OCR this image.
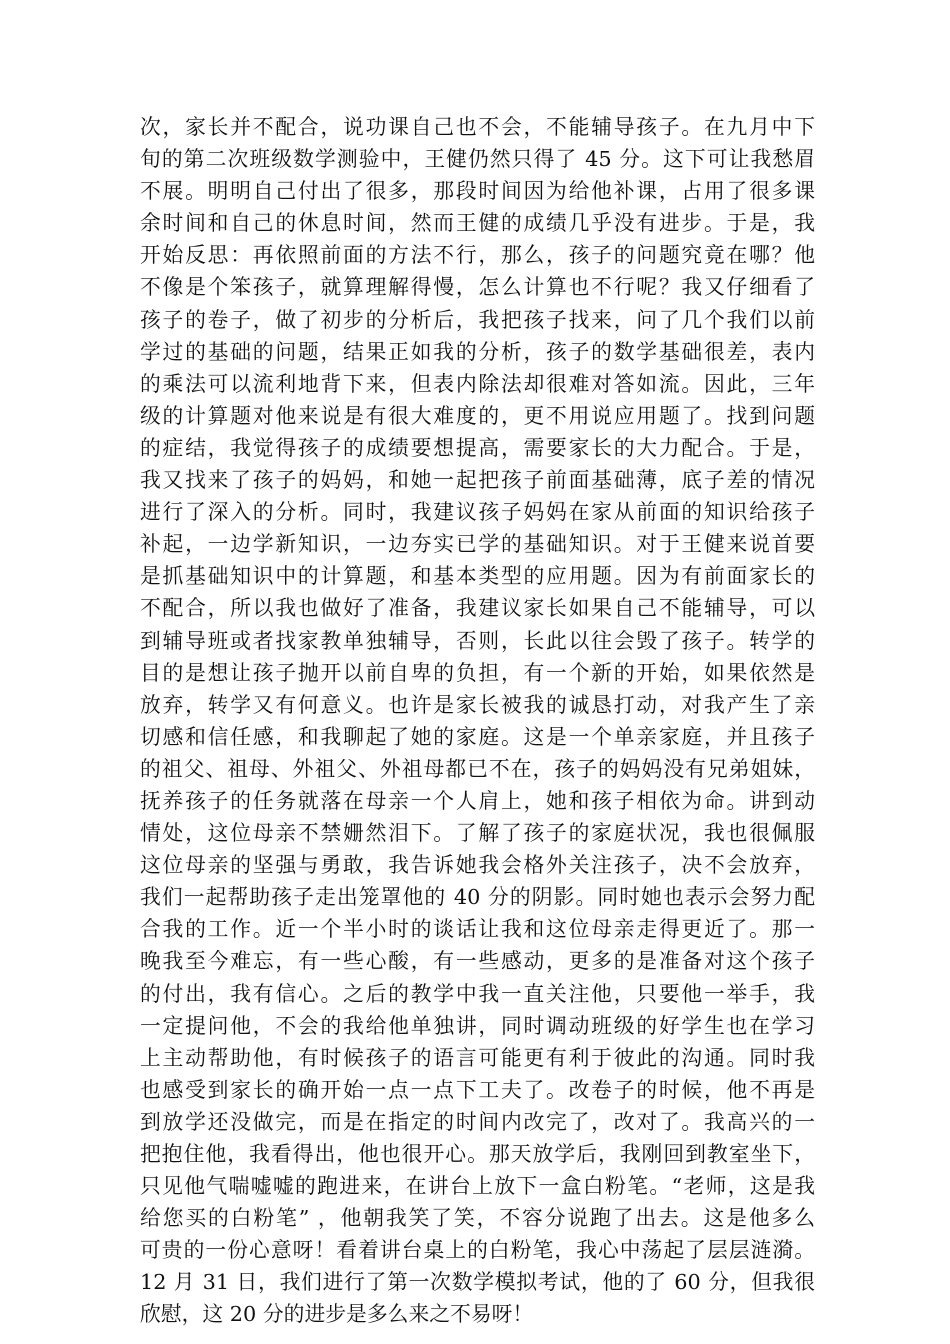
次，家长并不配合，说功课自己也不会，不能辅导孩子。在九月中下
旬的第二次班级数学测验中，王健仍然只得了 45 分。这下可让我愁眉
不展。明明自己付出了很多，那段时间因为给他补课，占用了很多课
余时间和自己的休息时间，然而王健的成绩几乎没有进步。于是，我
开始反思：再依照前面的方法不行，那么，孩子的问题究竟在哪？他
不像是个笨孩子，就算理解得慢，怎么计算也不行呢？我又仔细看了
孩子的卷子，做了初步的分析后，我把孩子找来，问了几个我们以前
学过的基础的问题，结果正如我的分析，孩子的数学基础很差，表内
的乘法可以流利地背下来，但表内除法却很难对答如流。因此，三年
级的计算题对他来说是有很大难度的，更不用说应用题了。找到问题
的症结，我觉得孩子的成绩要想提高，需要家长的大力配合。于是，
我又找来了孩子的妈妈，和她一起把孩子前面基础薄，底子差的情况
进行了深入的分析。同时，我建议孩子妈妈在家从前面的知识给孩子
补起，一边学新知识，一边夯实已学的基础知识。对于王健来说首要
是抓基础知识中的计算题，和基本类型的应用题。因为有前面家长的
不配合，所以我也做好了准备，我建议家长如果自己不能辅导，可以
到辅导班或者找家教单独辅导，否则，长此以往会毁了孩子。转学的
目的是想让孩子抛开以前自卑的负担，有一个新的开始，如果依然是
放弃，转学又有何意义。也许是家长被我的诚恳打动，对我产生了亲
切感和信任感，和我聊起了她的家庭。这是一个单亲家庭，并且孩子
的祖父、祖母、外祖父、外祖母都已不在，孩子的妈妈没有兄弟姐妹，
抚养孩子的任务就落在母亲一个人肩上，她和孩子相依为命。讲到动
情处，这位母亲不禁姗然泪下。了解了孩子的家庭状况，我也很佩服
这位母亲的坚强与勇敢，我告诉她我会格外关注孩子，决不会放弃，
我们一起帮助孩子走出笼罩他的 40 分的阴影。同时她也表示会努力配
合我的工作。近一个半小时的谈话让我和这位母亲走得更近了。那一
晚我至今难忘，有一些心酸，有一些感动，更多的是准备对这个孩子
的付出，我有信心。之后的教学中我一直关注他，只要他一举手，我
一定提问他，不会的我给他单独讲，同时调动班级的好学生也在学习
上主动帮助他，有时候孩子的语言可能更有利于彼此的沟通。同时我
也感受到家长的确开始一点一点下工夫了。改卷子的时候，他不再是
到放学还没做完，而是在指定的时间内改完了，改对了。我高兴的一
把抱住他，我看得出，他也很开心。那天放学后，我刚回到教室坐下，
只见他气喘嘘嘘的跑进来，在讲台上放下一盒白粉笔。“老师，这是我
给您买的白粉笔” ，他朝我笑了笑，不容分说跑了出去。这是他多么
可贵的一份心意呀！看着讲台桌上的白粉笔，我心中荡起了层层涟漪。
12 月 31 日，我们进行了第一次数学模拟考试，他的了 60 分，但我很
欣慰，这 20 分的进步是多么来之不易呀！
